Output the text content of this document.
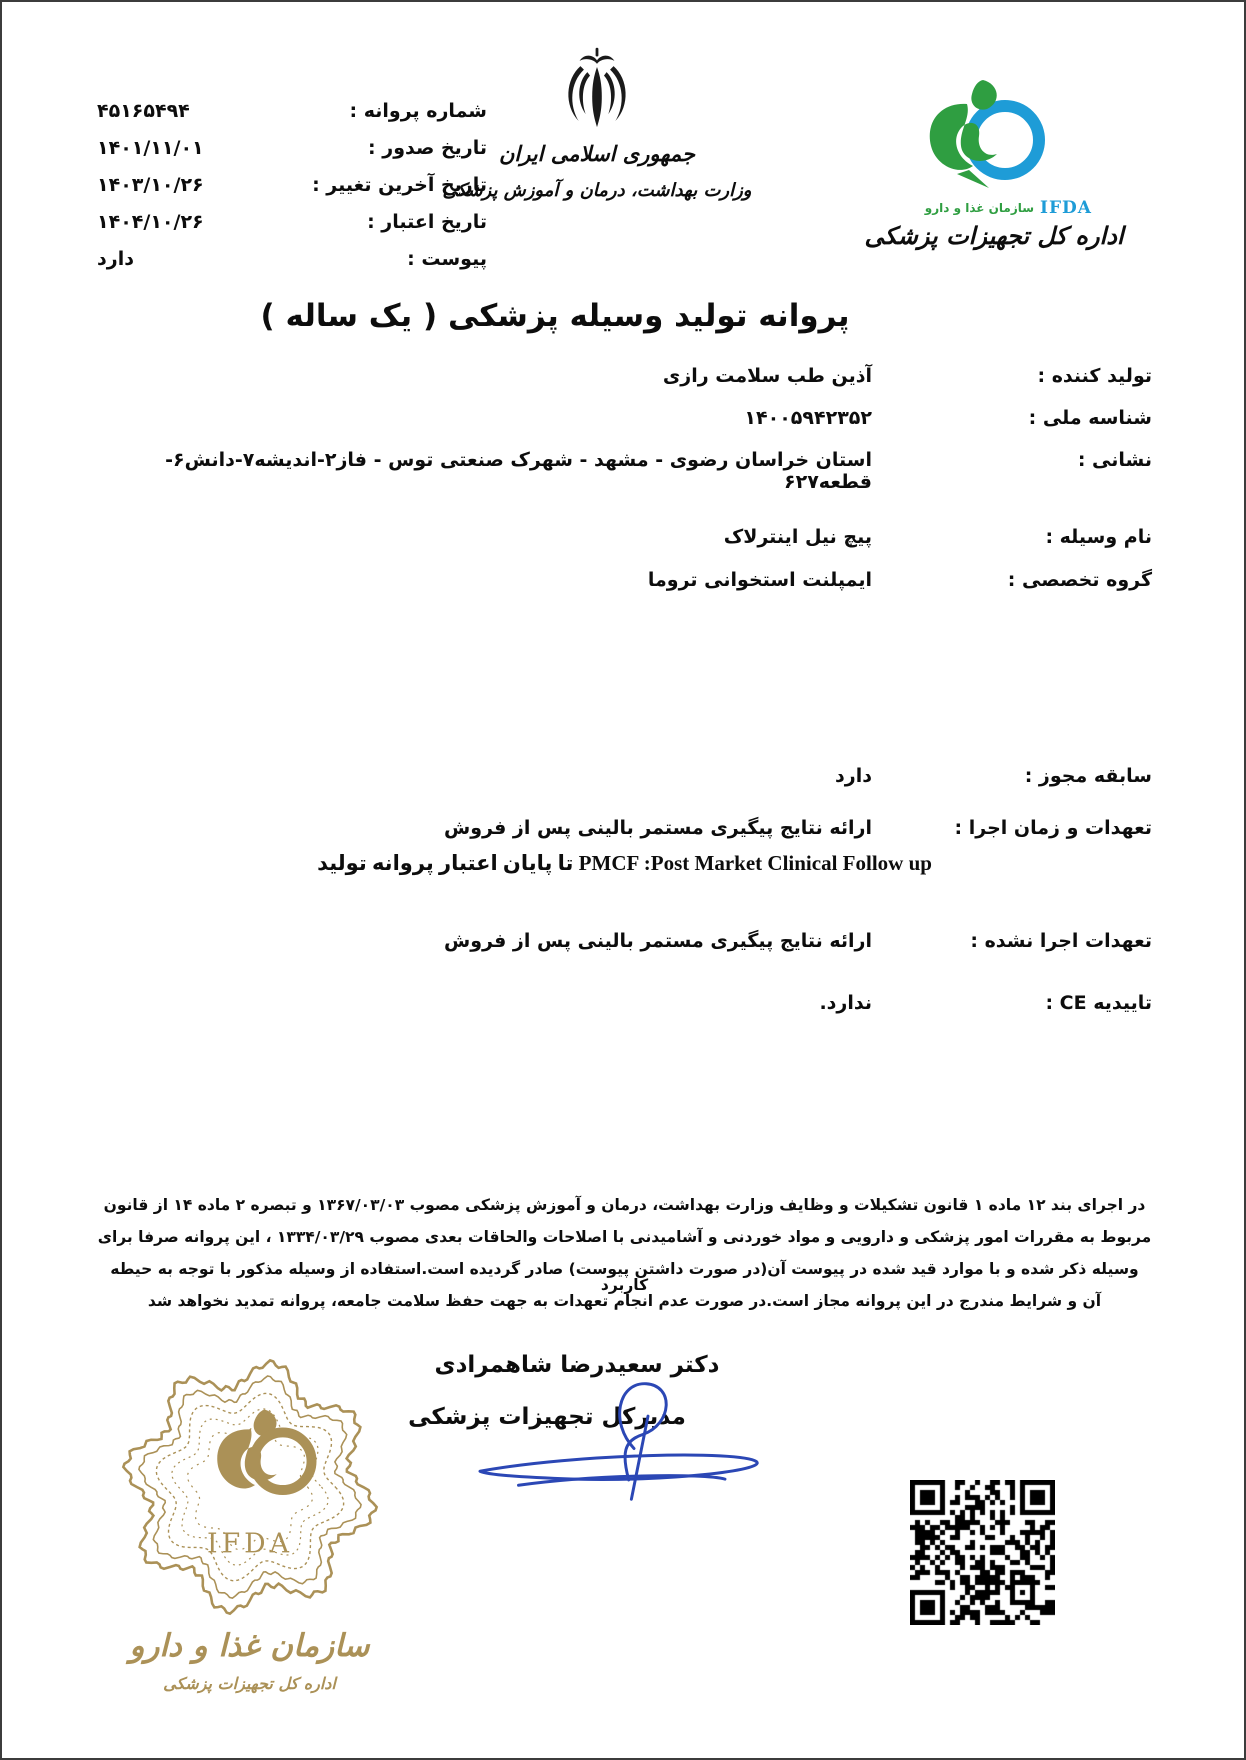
شماره پروانه :
۴۵۱۶۵۴۹۴
تاریخ صدور :
۱۴۰۱/۱۱/۰۱
تاریخ آخرین تغییر :
۱۴۰۳/۱۰/۲۶
تاریخ اعتبار :
۱۴۰۴/۱۰/۲۶
پیوست :
دارد
جمهوری اسلامی ایران
وزارت بهداشت، درمان و آموزش پزشکی
سازمان غذا و دارو IFDA
اداره کل تجهیزات پزشکی
پروانه تولید وسیله پزشکی ( یک ساله )
تولید کننده :
آذین طب سلامت رازی
شناسه ملی :
۱۴۰۰۵۹۴۲۳۵۲
نشانی :
استان خراسان رضوی - مشهد - شهرک صنعتی توس - فاز۲-اندیشه۷-دانش۶-قطعه۶۲۷
نام وسیله :
پیچ نیل اینترلاک
گروه تخصصی :
ایمپلنت استخوانی تروما
سابقه مجوز :
دارد
تعهدات و زمان اجرا :
ارائه نتایج پیگیری مستمر بالینی پس از فروش
PMCF :Post Market Clinical Follow up تا پایان اعتبار پروانه تولید
تعهدات اجرا نشده :
ارائه نتایج پیگیری مستمر بالینی پس از فروش
تاییدیه CE :
ندارد.
در اجرای بند ۱۲ ماده ۱ قانون تشکیلات و وظایف وزارت بهداشت، درمان و آموزش پزشکی مصوب ۱۳۶۷/۰۳/۰۳ و تبصره ۲ ماده ۱۴ از قانون
مربوط به مقررات امور پزشکی و دارویی و مواد خوردنی و آشامیدنی با اصلاحات والحاقات بعدی مصوب ۱۳۳۴/۰۳/۲۹ ، این پروانه صرفا برای
وسیله ذکر شده و با موارد قید شده در پیوست آن(در صورت داشتن پیوست) صادر گردیده است.استفاده از وسیله مذکور با توجه به حیطه کاربرد
آن و شرایط مندرج در این پروانه مجاز است.در صورت عدم انجام تعهدات به جهت حفظ سلامت جامعه، پروانه تمدید نخواهد شد
دکتر سعیدرضا شاهمرادی
مدیرکل تجهیزات پزشکی
IFDA
سازمان غذا و دارو
اداره کل تجهیزات پزشکی
